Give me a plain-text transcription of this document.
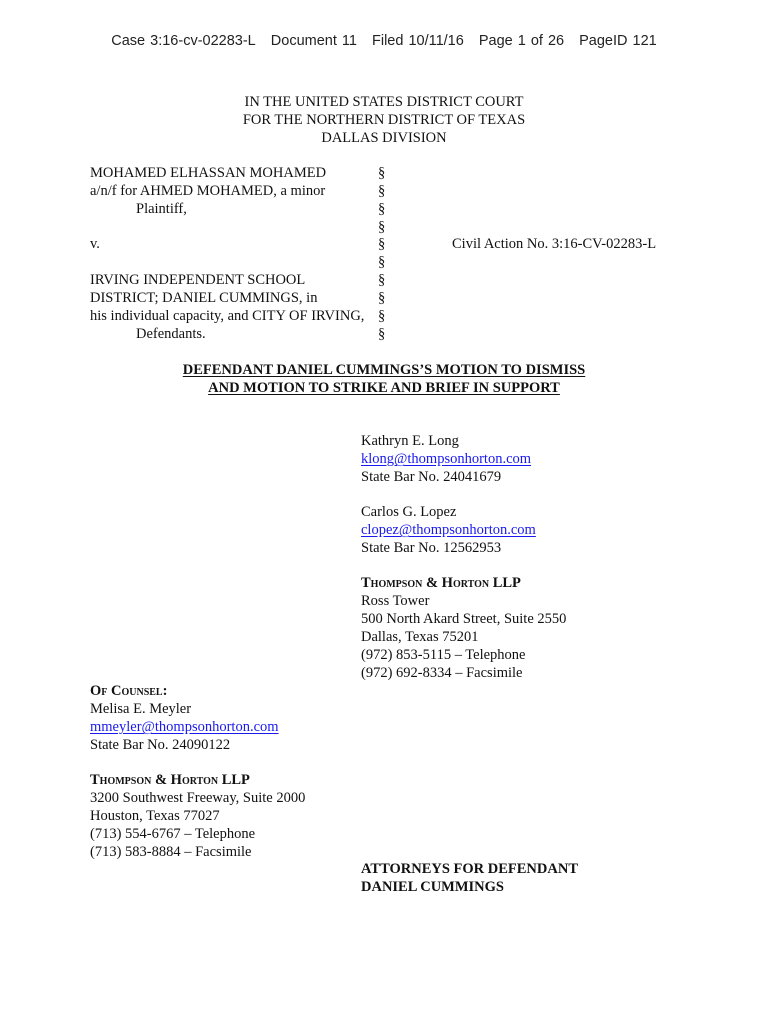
Case 3:16-cv-02283-L Document 11 Filed 10/11/16 Page 1 of 26 PageID 121
IN THE UNITED STATES DISTRICT COURT
FOR THE NORTHERN DISTRICT OF TEXAS
DALLAS DIVISION
MOHAMED ELHASSAN MOHAMED
a/n/f for AHMED MOHAMED, a minor
Plaintiff,
v.
IRVING INDEPENDENT SCHOOL
DISTRICT; DANIEL CUMMINGS, in
his individual capacity, and CITY OF IRVING,
Defendants.
§
§
§
§
§
§
§
§
§
§
Civil Action No. 3:16-CV-02283-L
DEFENDANT DANIEL CUMMINGS’S MOTION TO DISMISS
AND MOTION TO STRIKE AND BRIEF IN SUPPORT
Kathryn E. Long
klong@thompsonhorton.com
State Bar No. 24041679
Carlos G. Lopez
clopez@thompsonhorton.com
State Bar No. 12562953
Thompson & Horton LLP
Ross Tower
500 North Akard Street, Suite 2550
Dallas, Texas 75201
(972) 853-5115 – Telephone
(972) 692-8334 – Facsimile
Of Counsel:
Melisa E. Meyler
mmeyler@thompsonhorton.com
State Bar No. 24090122
Thompson & Horton LLP
3200 Southwest Freeway, Suite 2000
Houston, Texas 77027
(713) 554-6767 – Telephone
(713) 583-8884 – Facsimile
ATTORNEYS FOR DEFENDANT
DANIEL CUMMINGS
